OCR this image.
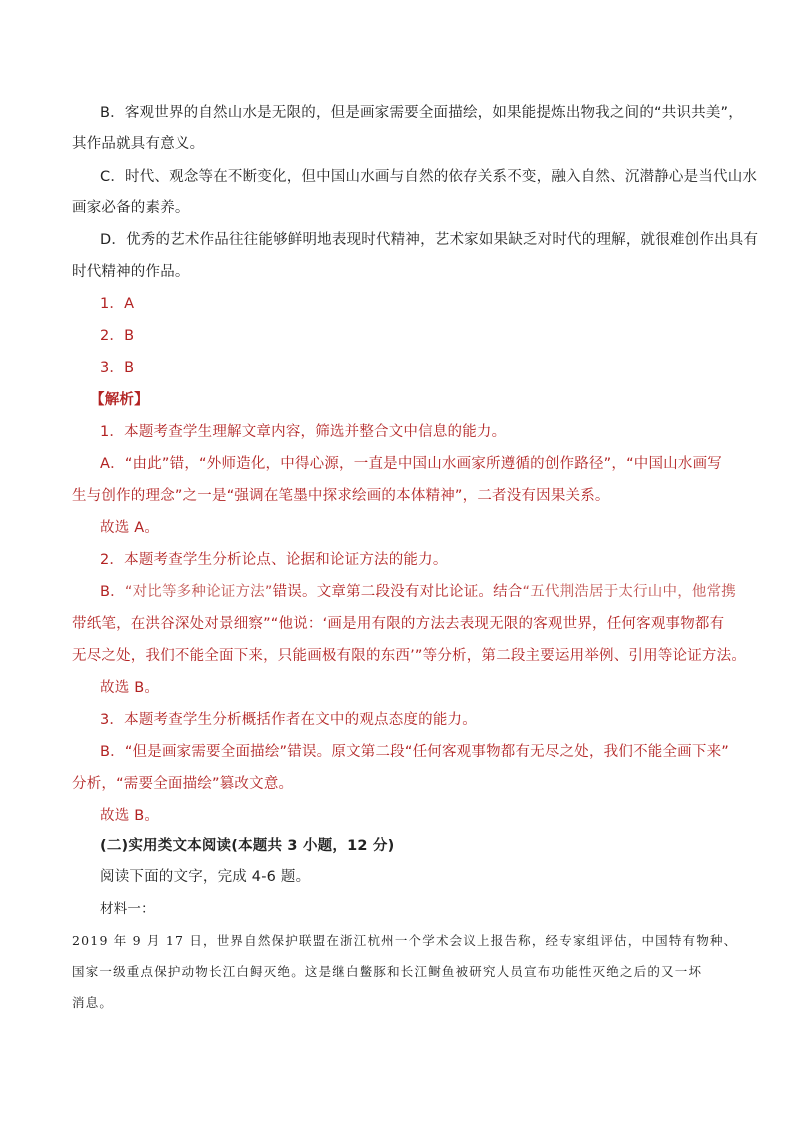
B．客观世界的自然山水是无限的，但是画家需要全面描绘，如果能提炼出物我之间的“共识共美”，
其作品就具有意义。
C．时代、观念等在不断变化，但中国山水画与自然的依存关系不变，融入自然、沉潜静心是当代山水
画家必备的素养。
D．优秀的艺术作品往往能够鲜明地表现时代精神，艺术家如果缺乏对时代的理解，就很难创作出具有
时代精神的作品。
1．A
2．B
3．B
【解析】
1．本题考查学生理解文章内容，筛选并整合文中信息的能力。
A．“由此”错，“外师造化，中得心源，一直是中国山水画家所遵循的创作路径”，“中国山水画写
生与创作的理念”之一是“强调在笔墨中探求绘画的本体精神”，二者没有因果关系。
故选 A。
2．本题考查学生分析论点、论据和论证方法的能力。
B．“对比等多种论证方法”错误。文章第二段没有对比论证。结合“五代荆浩居于太行山中，他常携
带纸笔，在洪谷深处对景细察”“他说：‘画是用有限的方法去表现无限的客观世界，任何客观事物都有
无尽之处，我们不能全面下来，只能画极有限的东西’”等分析，第二段主要运用举例、引用等论证方法。
故选 B。
3．本题考查学生分析概括作者在文中的观点态度的能力。
B．“但是画家需要全面描绘”错误。原文第二段“任何客观事物都有无尽之处，我们不能全画下来”
分析，“需要全面描绘”篡改文意。
故选 B。
(二)实用类文本阅读(本题共 3 小题，12 分)
阅读下面的文字，完成 4-6 题。
材料一：
2019 年 9 月 17 日，世界自然保护联盟在浙江杭州一个学术会议上报告称，经专家组评估，中国特有物种、
国家一级重点保护动物长江白鲟灭绝。这是继白鳖豚和长江鲥鱼被研究人员宣布功能性灭绝之后的又一坏
消息。
